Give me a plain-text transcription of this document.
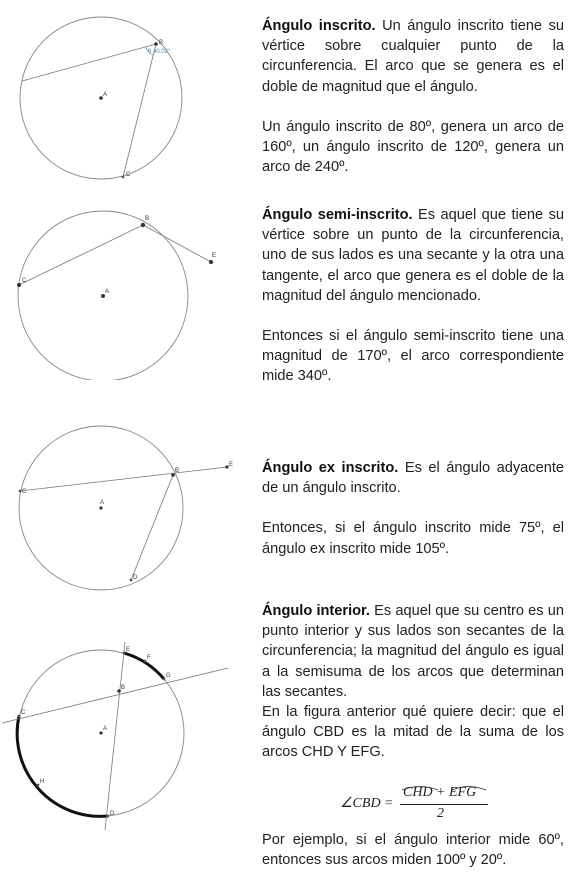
B
A
C
θ 40.02°
B
A
C
E
B
A
E
C
D
B
A
C
E
F
G
D
H

Ángulo inscrito. Un ángulo inscrito tiene su vértice sobre cualquier punto de la circunferencia. El arco que se genera es el doble de magnitud que el ángulo.

Un ángulo inscrito de 80º, genera un arco de 160º, un ángulo inscrito de 120º, genera un arco de 240º.

Ángulo semi-inscrito. Es aquel que tiene su vértice sobre un punto de la circunferencia, uno de sus lados es una secante y la otra una tangente, el arco que genera es el doble de la magnitud del ángulo mencionado.

Entonces si el ángulo semi-inscrito tiene una magnitud de 170º, el arco correspondiente mide 340º.

Ángulo ex inscrito. Es el ángulo adyacente de un ángulo inscrito.

Entonces, si el ángulo inscrito mide 75º, el ángulo ex inscrito mide 105º.

Ángulo interior. Es aquel que su centro es un punto interior y sus lados son secantes de la circunferencia; la magnitud del ángulo es igual a la semisuma de los arcos que determinan las secantes.

En la figura anterior qué quiere decir: que el ángulo CBD es la mitad de la suma de los arcos CHD Y EFG.

∠CBD =
CHD + EFG
2

Por ejemplo, si el ángulo interior mide 60º, entonces sus arcos miden 100º y 20º.
